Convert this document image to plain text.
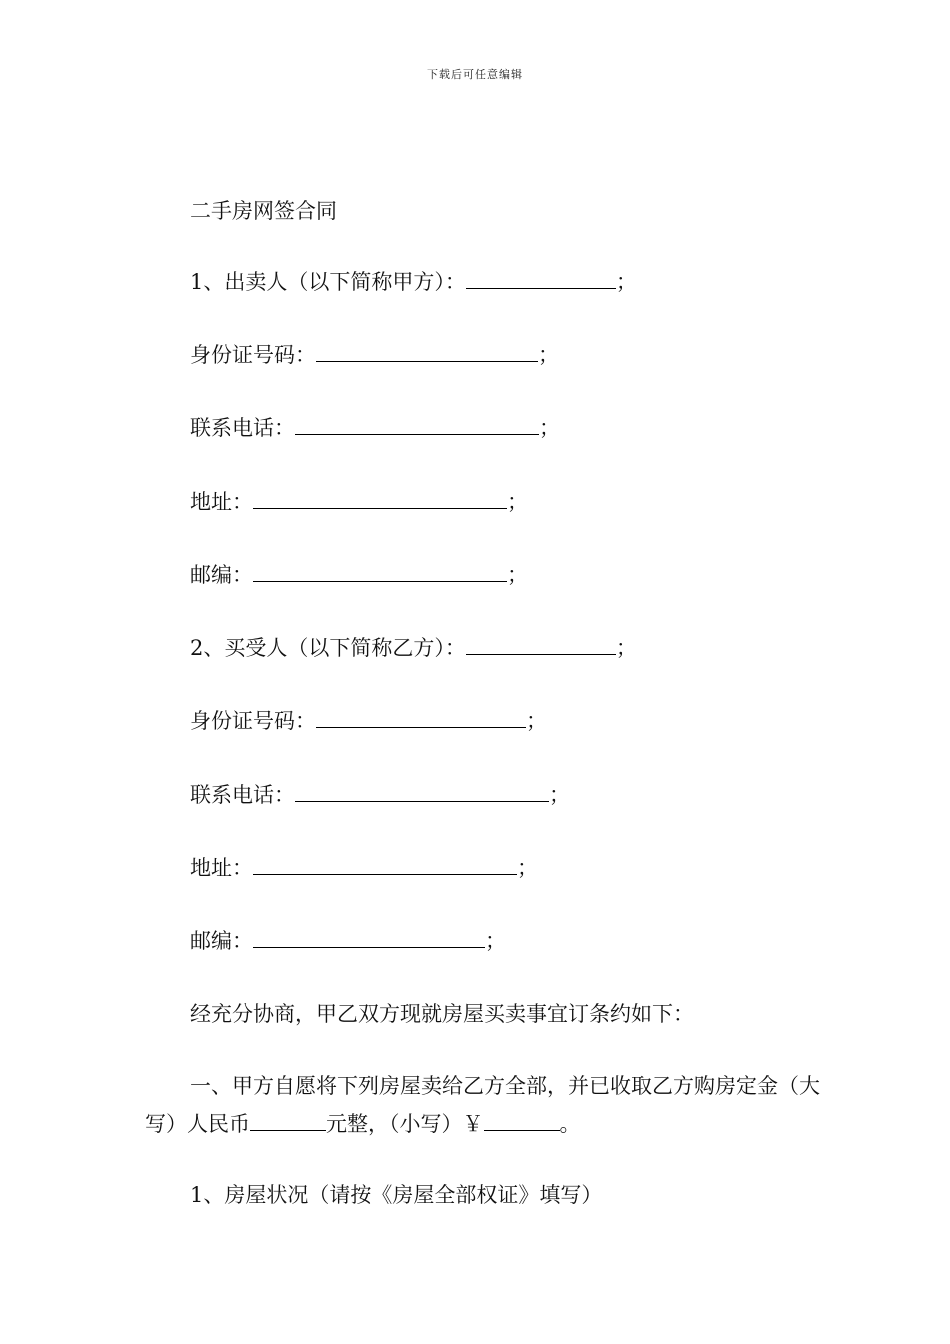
下载后可任意编辑
二手房网签合同
1、出卖人（以下简称甲方）：	；
身份证号码：	；
联系电话：	；
地址：	；
邮编：	；
2、买受人（以下简称乙方）：	；
身份证号码：	；
联系电话：	；
地址：	；
邮编：	；
经充分协商，甲乙双方现就房屋买卖事宜订条约如下：
一、甲方自愿将下列房屋卖给乙方全部，并已收取乙方购房定金（大写）人民币	元整，（小写）￥	。
1、房屋状况（请按《房屋全部权证》填写）
